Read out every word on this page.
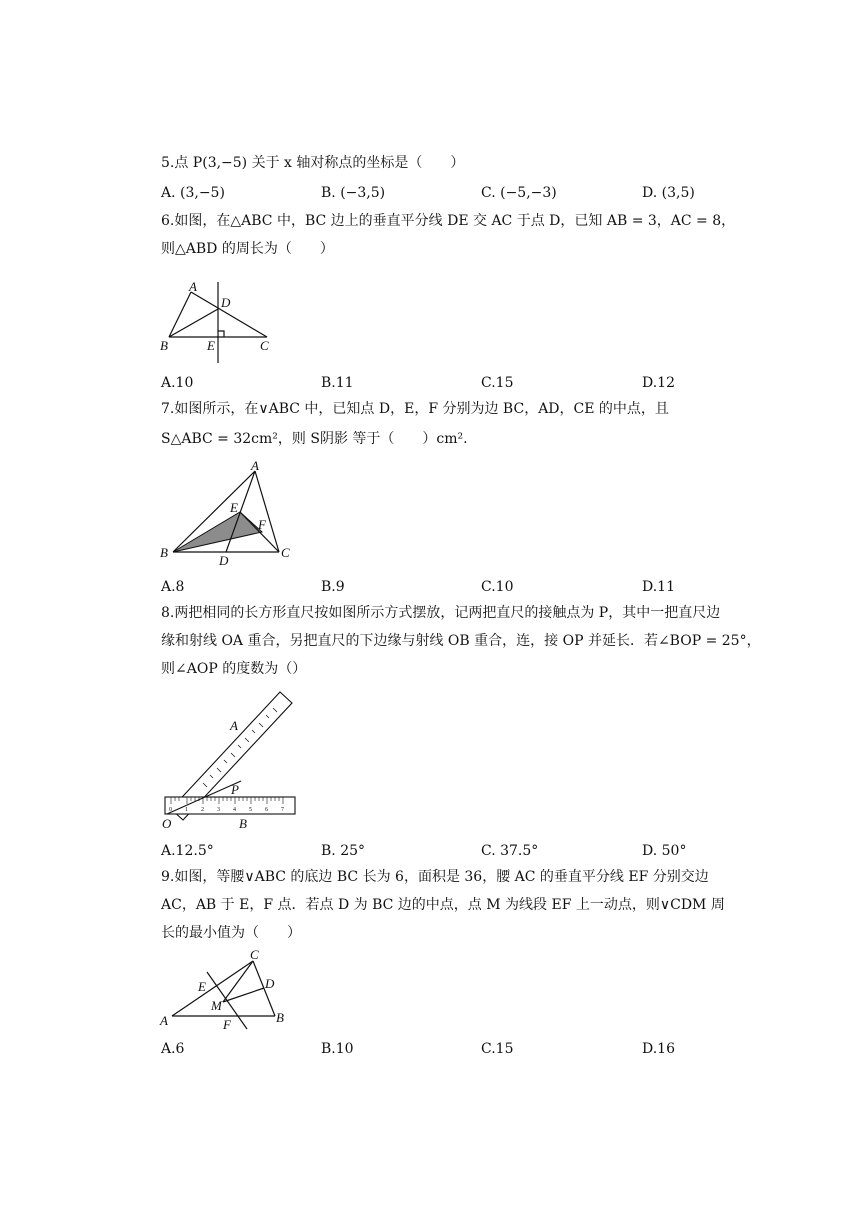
5.点 P(3,−5) 关于 x 轴对称点的坐标是（　　）
A. (3,−5)	B. (−3,5)	C. (−5,−3)	D. (3,5)
6.如图，在△ABC 中，BC 边上的垂直平分线 DE 交 AC 于点 D，已知 AB = 3，AC = 8，
则△ABD 的周长为（　　）
A
D
B	E	C
A.10	B.11	C.15	D.12
7.如图所示，在∨ABC 中，已知点 D，E，F 分别为边 BC，AD，CE 的中点，且
S△ABC = 32cm²，则 S阴影 等于（　　）cm².
A
E
F
B
D
C
A.8	B.9	C.10	D.11
8.两把相同的长方形直尺按如图所示方式摆放，记两把直尺的接触点为 P，其中一把直尺边
缘和射线 OA 重合，另把直尺的下边缘与射线 OB 重合，连，接 OP 并延长．若∠BOP = 25°，
则∠AOP 的度数为（）
0 1 2 3 4 5 6 7
A
P
O	B
A.12.5°	B. 25°	C. 37.5°	D. 50°
9.如图，等腰∨ABC 的底边 BC 长为 6，面积是 36，腰 AC 的垂直平分线 EF 分别交边
AC，AB 于 E，F 点．若点 D 为 BC 边的中点，点 M 为线段 EF 上一动点，则∨CDM 周
长的最小值为（　　）
C
E	D
M
A	F	B
A.6	B.10	C.15	D.16
